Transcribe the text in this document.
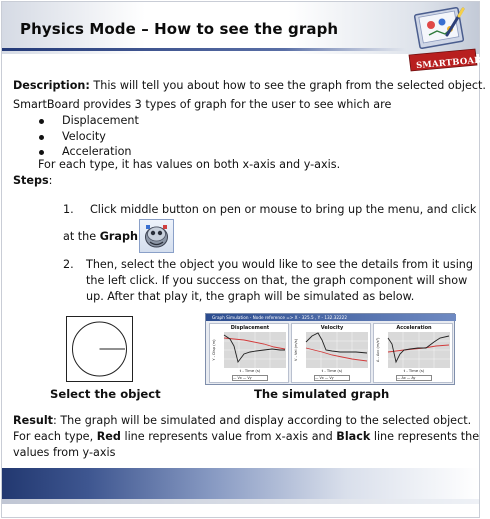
Physics Mode – How to see the graph
SMARTBOARD
Description: This will tell you about how to see the graph from the selected object.
SmartBoard provides 3 types of graph for the user to see which are
Displacement
Velocity
Acceleration
For each type, it has values on both x-axis and y-axis.
Steps:
1. Click middle button on pen or mouse to bring up the menu, and click
at the Graph
2. Then, select the object you would like to see the details from it using
the left click. If you success on that, the graph component will show
up. After that play it, the graph will be simulated as below.
Graph Simulation - Node reference => X - 325.5 , Y - 132.32222
Displacement
Y - Disp (m)
t - Time (s)
— Vx — Vy
Velocity
V - Vel (m/s)
t - Time (s)
— Vx — Vy
Acceleration
A - Acc (m/s²)
t - Time (s)
— Ax — Ay
Select the object	The simulated graph
Result: The graph will be simulated and display according to the selected object.
For each type, Red line represents value from x-axis and Black line represents the
values from y-axis
